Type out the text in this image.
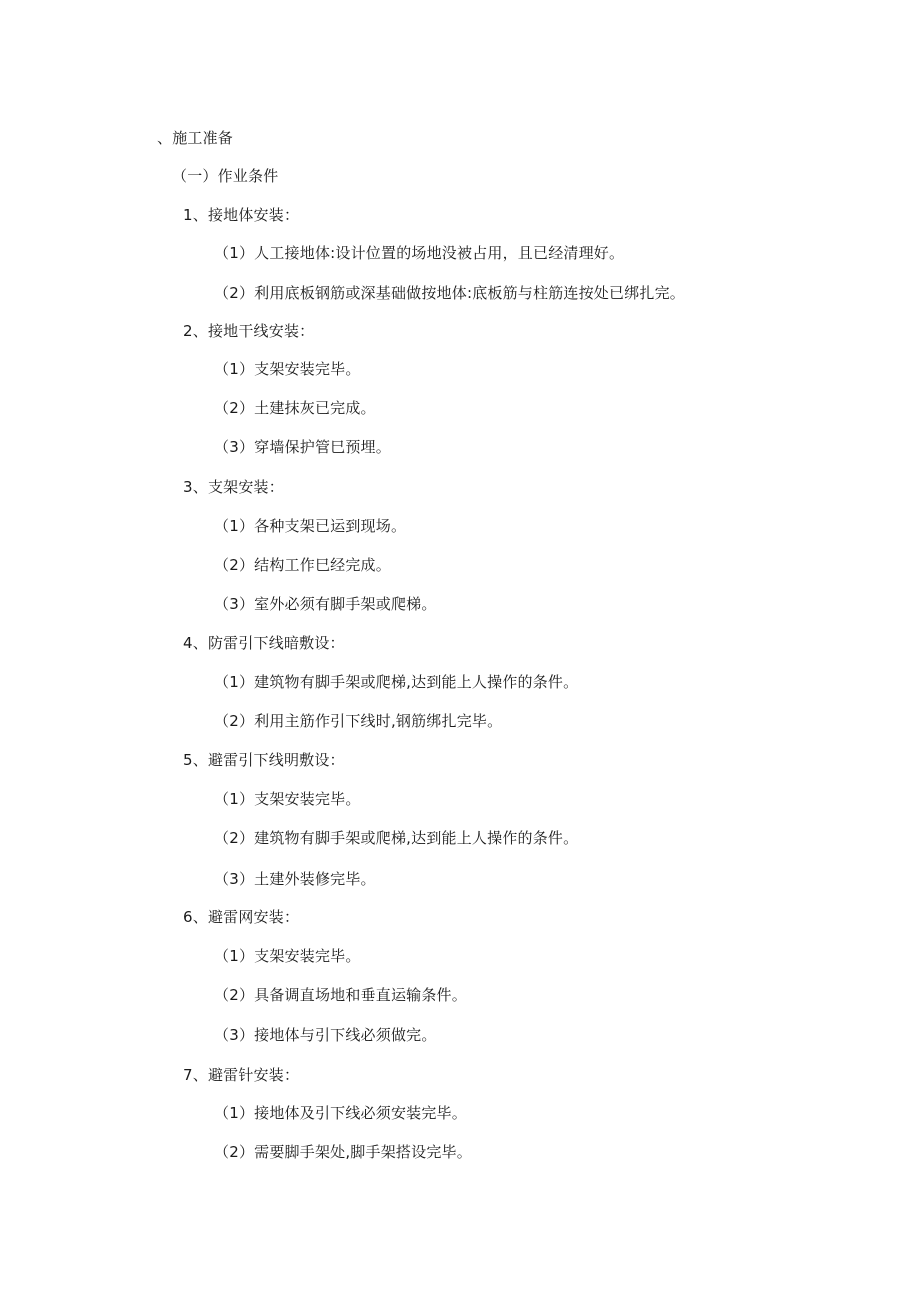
、施工准备
（一）作业条件
1、接地体安装：
（1）人工接地体:设计位置的场地没被占用，且已经清理好。
（2）利用底板钢筋或深基础做按地体:底板筋与柱筋连按处已绑扎完。
2、接地干线安装：
（1）支架安装完毕。
（2）土建抹灰已完成。
（3）穿墙保护管巳预埋。
3、支架安装：
（1）各种支架已运到现场。
（2）结构工作巳经完成。
（3）室外必须有脚手架或爬梯。
4、防雷引下线暗敷设：
（1）建筑物有脚手架或爬梯,达到能上人操作的条件。
（2）利用主筋作引下线时,钢筋绑扎完毕。
5、避雷引下线明敷设：
（1）支架安装完毕。
（2）建筑物有脚手架或爬梯,达到能上人操作的条件。
（3）土建外装修完毕。
6、避雷网安装：
（1）支架安装完毕。
（2）具备调直场地和垂直运输条件。
（3）接地体与引下线必须做完。
7、避雷针安装：
（1）接地体及引下线必须安装完毕。
（2）需要脚手架处,脚手架搭设完毕。
